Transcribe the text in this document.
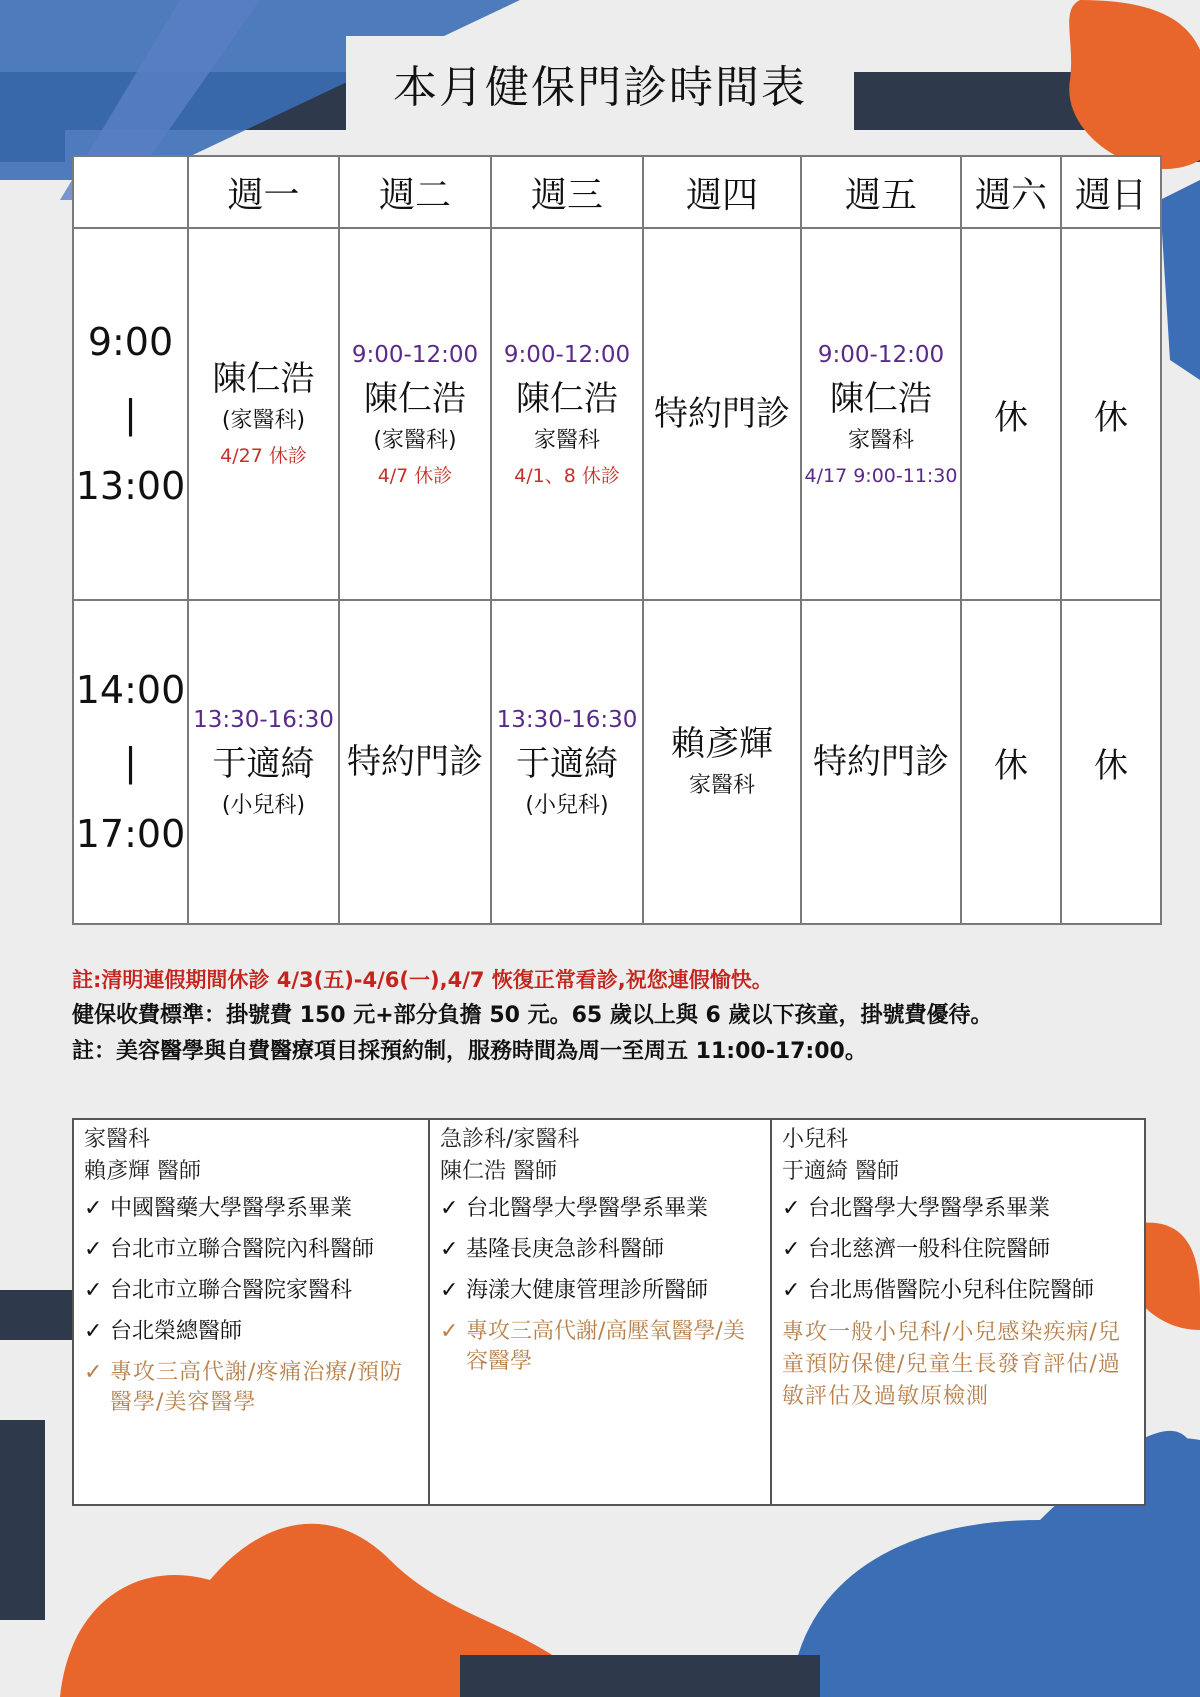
本月健保門診時間表
	週一	週二	週三	週四	週五	週六	週日

9:00
|
13:00	陳仁浩
(家醫科)
4/27 休診	9:00-12:00
陳仁浩
(家醫科)
4/7 休診	9:00-12:00
陳仁浩
家醫科
4/1、8 休診	特約門診	9:00-12:00
陳仁浩
家醫科
4/17 9:00-11:30	休	休

14:00
|
17:00	13:30-16:30
于適綺
(小兒科)	特約門診	13:30-16:30
于適綺
(小兒科)	賴彥輝
家醫科	特約門診	休	休
註:清明連假期間休診 4/3(五)-4/6(一),4/7 恢復正常看診,祝您連假愉快。
健保收費標準：掛號費 150 元+部分負擔 50 元。65 歲以上與 6 歲以下孩童，掛號費優待。
註：美容醫學與自費醫療項目採預約制，服務時間為周一至周五 11:00-17:00。
家醫科
賴彥輝 醫師
✓ 中國醫藥大學醫學系畢業
✓ 台北市立聯合醫院內科醫師
✓ 台北市立聯合醫院家醫科
✓ 台北榮總醫師
✓ 專攻三高代謝/疼痛治療/預防醫學/美容醫學
急診科/家醫科
陳仁浩 醫師
✓ 台北醫學大學醫學系畢業
✓ 基隆長庚急診科醫師
✓ 海漾大健康管理診所醫師
✓ 專攻三高代謝/高壓氧醫學/美容醫學
小兒科
于適綺 醫師
✓ 台北醫學大學醫學系畢業
✓ 台北慈濟一般科住院醫師
✓ 台北馬偕醫院小兒科住院醫師

專攻一般小兒科/小兒感染疾病/兒童預防保健/兒童生長發育評估/過敏評估及過敏原檢測
